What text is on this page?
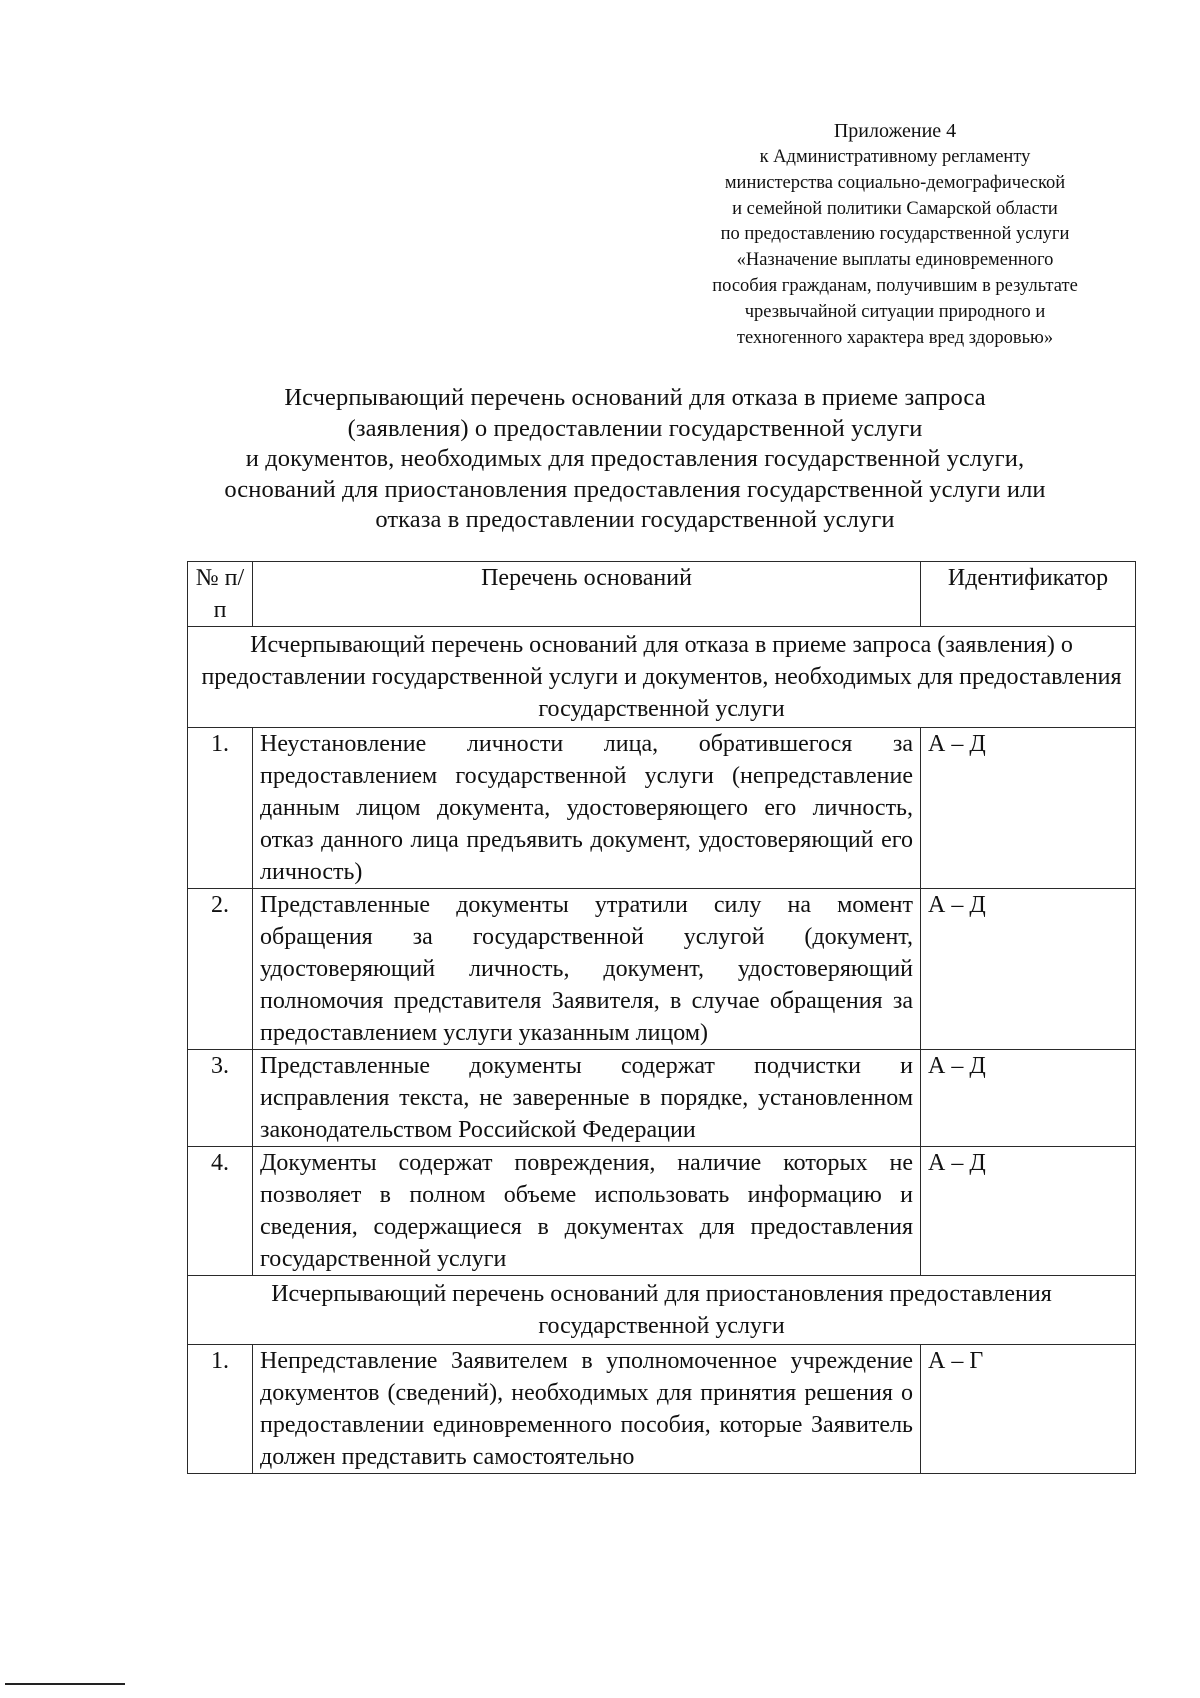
Приложение 4
к Административному регламенту
министерства социально-демографической
и семейной политики Самарской области
по предоставлению государственной услуги
«Назначение выплаты единовременного
пособия гражданам, получившим в результате
чрезвычайной ситуации природного и
техногенного характера вред здоровью»
Исчерпывающий перечень оснований для отказа в приеме запроса
(заявления) о предоставлении государственной услуги
и документов, необходимых для предоставления государственной услуги,
оснований для приостановления предоставления государственной услуги или
отказа в предоставлении государственной услуги
№ п/п	Перечень оснований	Идентификатор
Исчерпывающий перечень оснований для отказа в приеме запроса (заявления) о предоставлении государственной услуги и документов, необходимых для предоставления государственной услуги		
1.	Неустановление личности лица, обратившегося за предоставлением государственной услуги (непредставление данным лицом документа, удостоверяющего его личность, отказ данного лица предъявить документ, удостоверяющий его личность)	А – Д
2.	Представленные документы утратили силу на момент обращения за государственной услугой (документ, удостоверяющий личность, документ, удостоверяющий полномочия представителя Заявителя, в случае обращения за предоставлением услуги указанным лицом)	А – Д
3.	Представленные документы содержат подчистки и исправления текста, не заверенные в порядке, установленном законодательством Российской Федерации	А – Д
4.	Документы содержат повреждения, наличие которых не позволяет в полном объеме использовать информацию и сведения, содержащиеся в документах для предоставления государственной услуги	А – Д
Исчерпывающий перечень оснований для приостановления предоставления государственной услуги		
1.	Непредставление Заявителем в уполномоченное учреждение документов (сведений), необходимых для принятия решения о предоставлении единовременного пособия, которые Заявитель должен представить самостоятельно	А – Г
